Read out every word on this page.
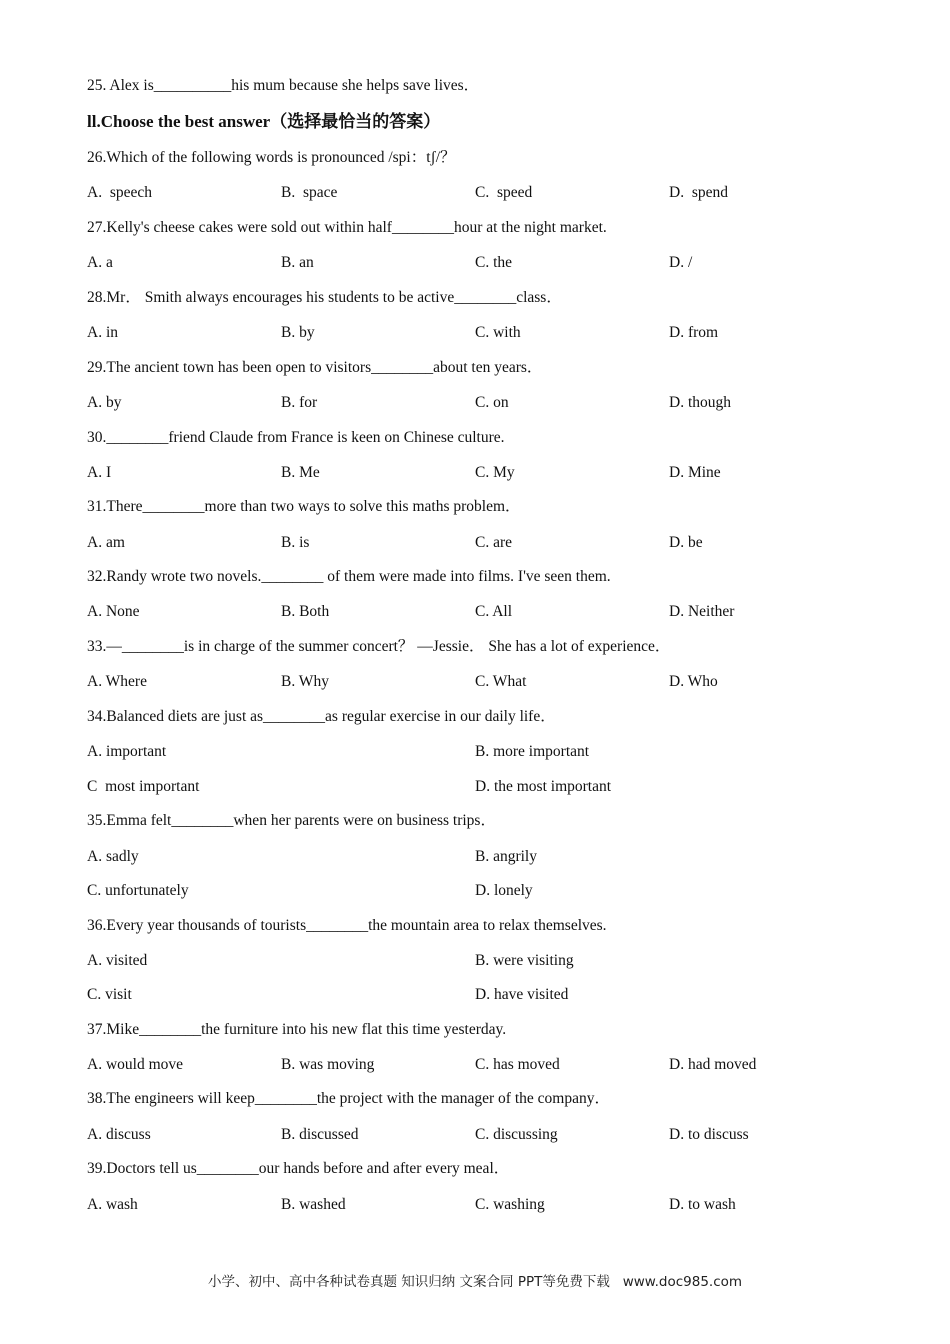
25. Alex is__________his mum because she helps save lives．
ll.Choose the best answer（选择最恰当的答案）
26.Which of the following words is pronounced /spi：tʃ/？
A.  speech	B.  space	C.  speed	D.  spend
27.Kelly's cheese cakes were sold out within half________hour at the night market.
A. a	B. an	C. the	D. /
28.Mr． Smith always encourages his students to be active________class．
A. in	B. by	C. with	D. from
29.The ancient town has been open to visitors________about ten years．
A. by	B. for	C. on	D. though
30.________friend Claude from France is keen on Chinese culture.
A. I	B. Me	C. My	D. Mine
31.There________more than two ways to solve this maths problem．
A. am	B. is	C. are	D. be
32.Randy wrote two novels.________ of them were made into films. I've seen them.
A. None	B. Both	C. All	D. Neither
33.—________is in charge of the summer concert？ —Jessie． She has a lot of experience．
A. Where	B. Why	C. What	D. Who
34.Balanced diets are just as________as regular exercise in our daily life．
A. important	B. more important
C  most important	D. the most important
35.Emma felt________when her parents were on business trips．
A. sadly	B. angrily
C. unfortunately	D. lonely
36.Every year thousands of tourists________the mountain area to relax themselves.
A. visited	B. were visiting
C. visit	D. have visited
37.Mike________the furniture into his new flat this time yesterday.
A. would move	B. was moving	C. has moved	D. had moved
38.The engineers will keep________the project with the manager of the company．
A. discuss	B. discussed	C. discussing	D. to discuss
39.Doctors tell us________our hands before and after every meal．
A. wash	B. washed	C. washing	D. to wash
小学、初中、高中各种试卷真题 知识归纳 文案合同 PPT等免费下载   www.doc985.com
